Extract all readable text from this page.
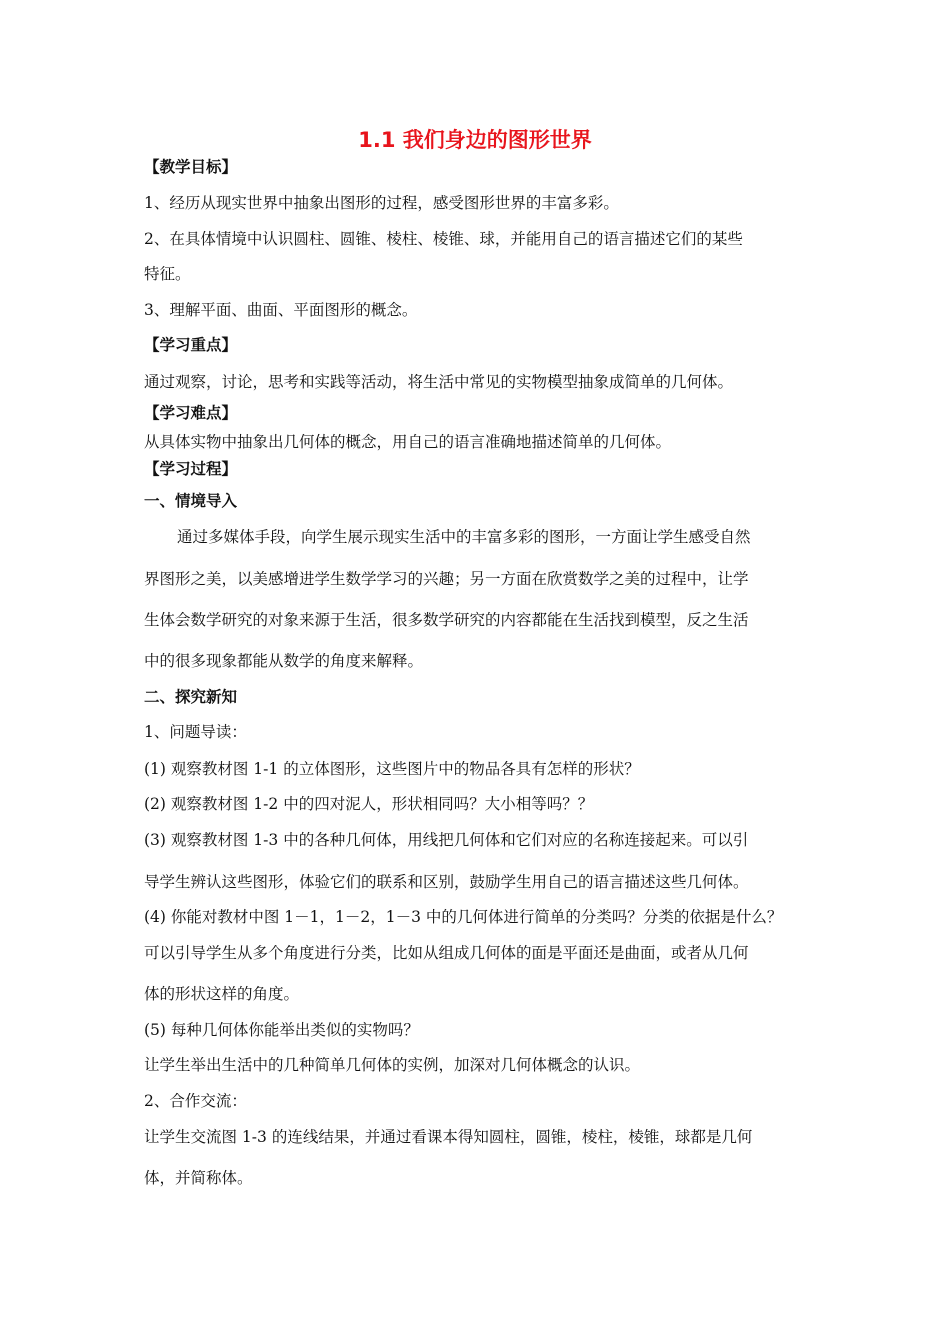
1.1 我们身边的图形世界
【教学目标】
1、经历从现实世界中抽象出图形的过程，感受图形世界的丰富多彩。
2、在具体情境中认识圆柱、圆锥、棱柱、棱锥、球，并能用自己的语言描述它们的某些
特征。
3、理解平面、曲面、平面图形的概念。
【学习重点】
通过观察，讨论，思考和实践等活动，将生活中常见的实物模型抽象成简单的几何体。
【学习难点】
从具体实物中抽象出几何体的概念，用自己的语言准确地描述简单的几何体。
【学习过程】
一、情境导入
通过多媒体手段，向学生展示现实生活中的丰富多彩的图形，一方面让学生感受自然
界图形之美，以美感增进学生数学学习的兴趣；另一方面在欣赏数学之美的过程中，让学
生体会数学研究的对象来源于生活，很多数学研究的内容都能在生活找到模型，反之生活
中的很多现象都能从数学的角度来解释。
二、探究新知
1、问题导读：
(1) 观察教材图 1-1 的立体图形，这些图片中的物品各具有怎样的形状？
(2) 观察教材图 1-2 中的四对泥人，形状相同吗？大小相等吗？？
(3) 观察教材图 1-3 中的各种几何体，用线把几何体和它们对应的名称连接起来。可以引
导学生辨认这些图形，体验它们的联系和区别，鼓励学生用自己的语言描述这些几何体。
(4) 你能对教材中图 1－1，1－2，1－3 中的几何体进行简单的分类吗？分类的依据是什么？
可以引导学生从多个角度进行分类，比如从组成几何体的面是平面还是曲面，或者从几何
体的形状这样的角度。
(5) 每种几何体你能举出类似的实物吗？
让学生举出生活中的几种简单几何体的实例，加深对几何体概念的认识。
2、合作交流：
让学生交流图 1-3 的连线结果，并通过看课本得知圆柱，圆锥，棱柱，棱锥，球都是几何
体，并简称体。
